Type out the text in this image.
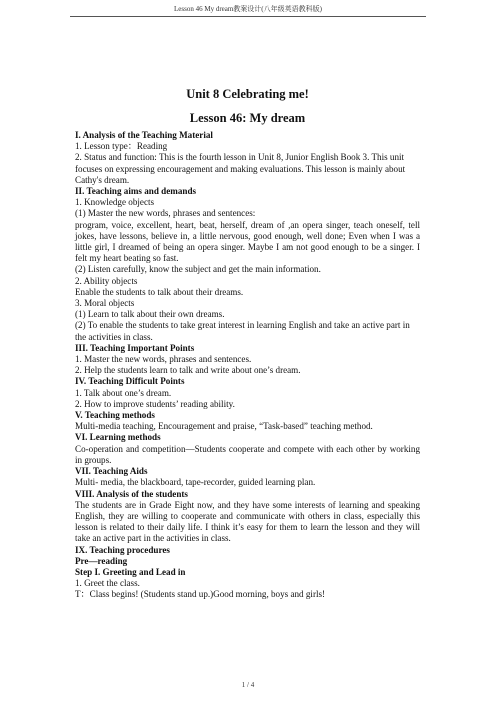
Lesson 46 My dream教案设计(八年级英语教科版)
Unit 8 Celebrating me!
Lesson 46: My dream
I. Analysis of the Teaching Material
1. Lesson type：Reading
2. Status and function: This is the fourth lesson in Unit 8, Junior English Book 3. This unit focuses on expressing encouragement and making evaluations. This lesson is mainly about Cathy's dream.
II. Teaching aims and demands
1. Knowledge objects
(1) Master the new words, phrases and sentences:
program, voice, excellent, heart, beat, herself, dream of ,an opera singer, teach oneself, tell jokes, have lessons, believe in, a little nervous, good enough, well done; Even when I was a little girl, I dreamed of being an opera singer. Maybe I am not good enough to be a singer. I felt my heart beating so fast.
(2) Listen carefully, know the subject and get the main information.
2. Ability objects
Enable the students to talk about their dreams.
3. Moral objects
(1) Learn to talk about their own dreams.
(2) To enable the students to take great interest in learning English and take an active part in the activities in class.
III. Teaching Important Points
1. Master the new words, phrases and sentences.
2. Help the students learn to talk and write about one’s dream.
IV. Teaching Difficult Points
1. Talk about one’s dream.
2. How to improve students’ reading ability.
V. Teaching methods
Multi-media teaching, Encouragement and praise, “Task-based” teaching method.
VI. Learning methods
Co-operation and competition—Students cooperate and compete with each other by working in groups.
VII. Teaching Aids
Multi- media, the blackboard, tape-recorder, guided learning plan.
VIII. Analysis of the students
The students are in Grade Eight now, and they have some interests of learning and speaking English, they are willing to cooperate and communicate with others in class, especially this lesson is related to their daily life. I think it’s easy for them to learn the lesson and they will take an active part in the activities in class.
IX. Teaching procedures
Pre—reading
Step I. Greeting and Lead in
1. Greet the class.
T：Class begins! (Students stand up.)Good morning, boys and girls!
1 / 4
